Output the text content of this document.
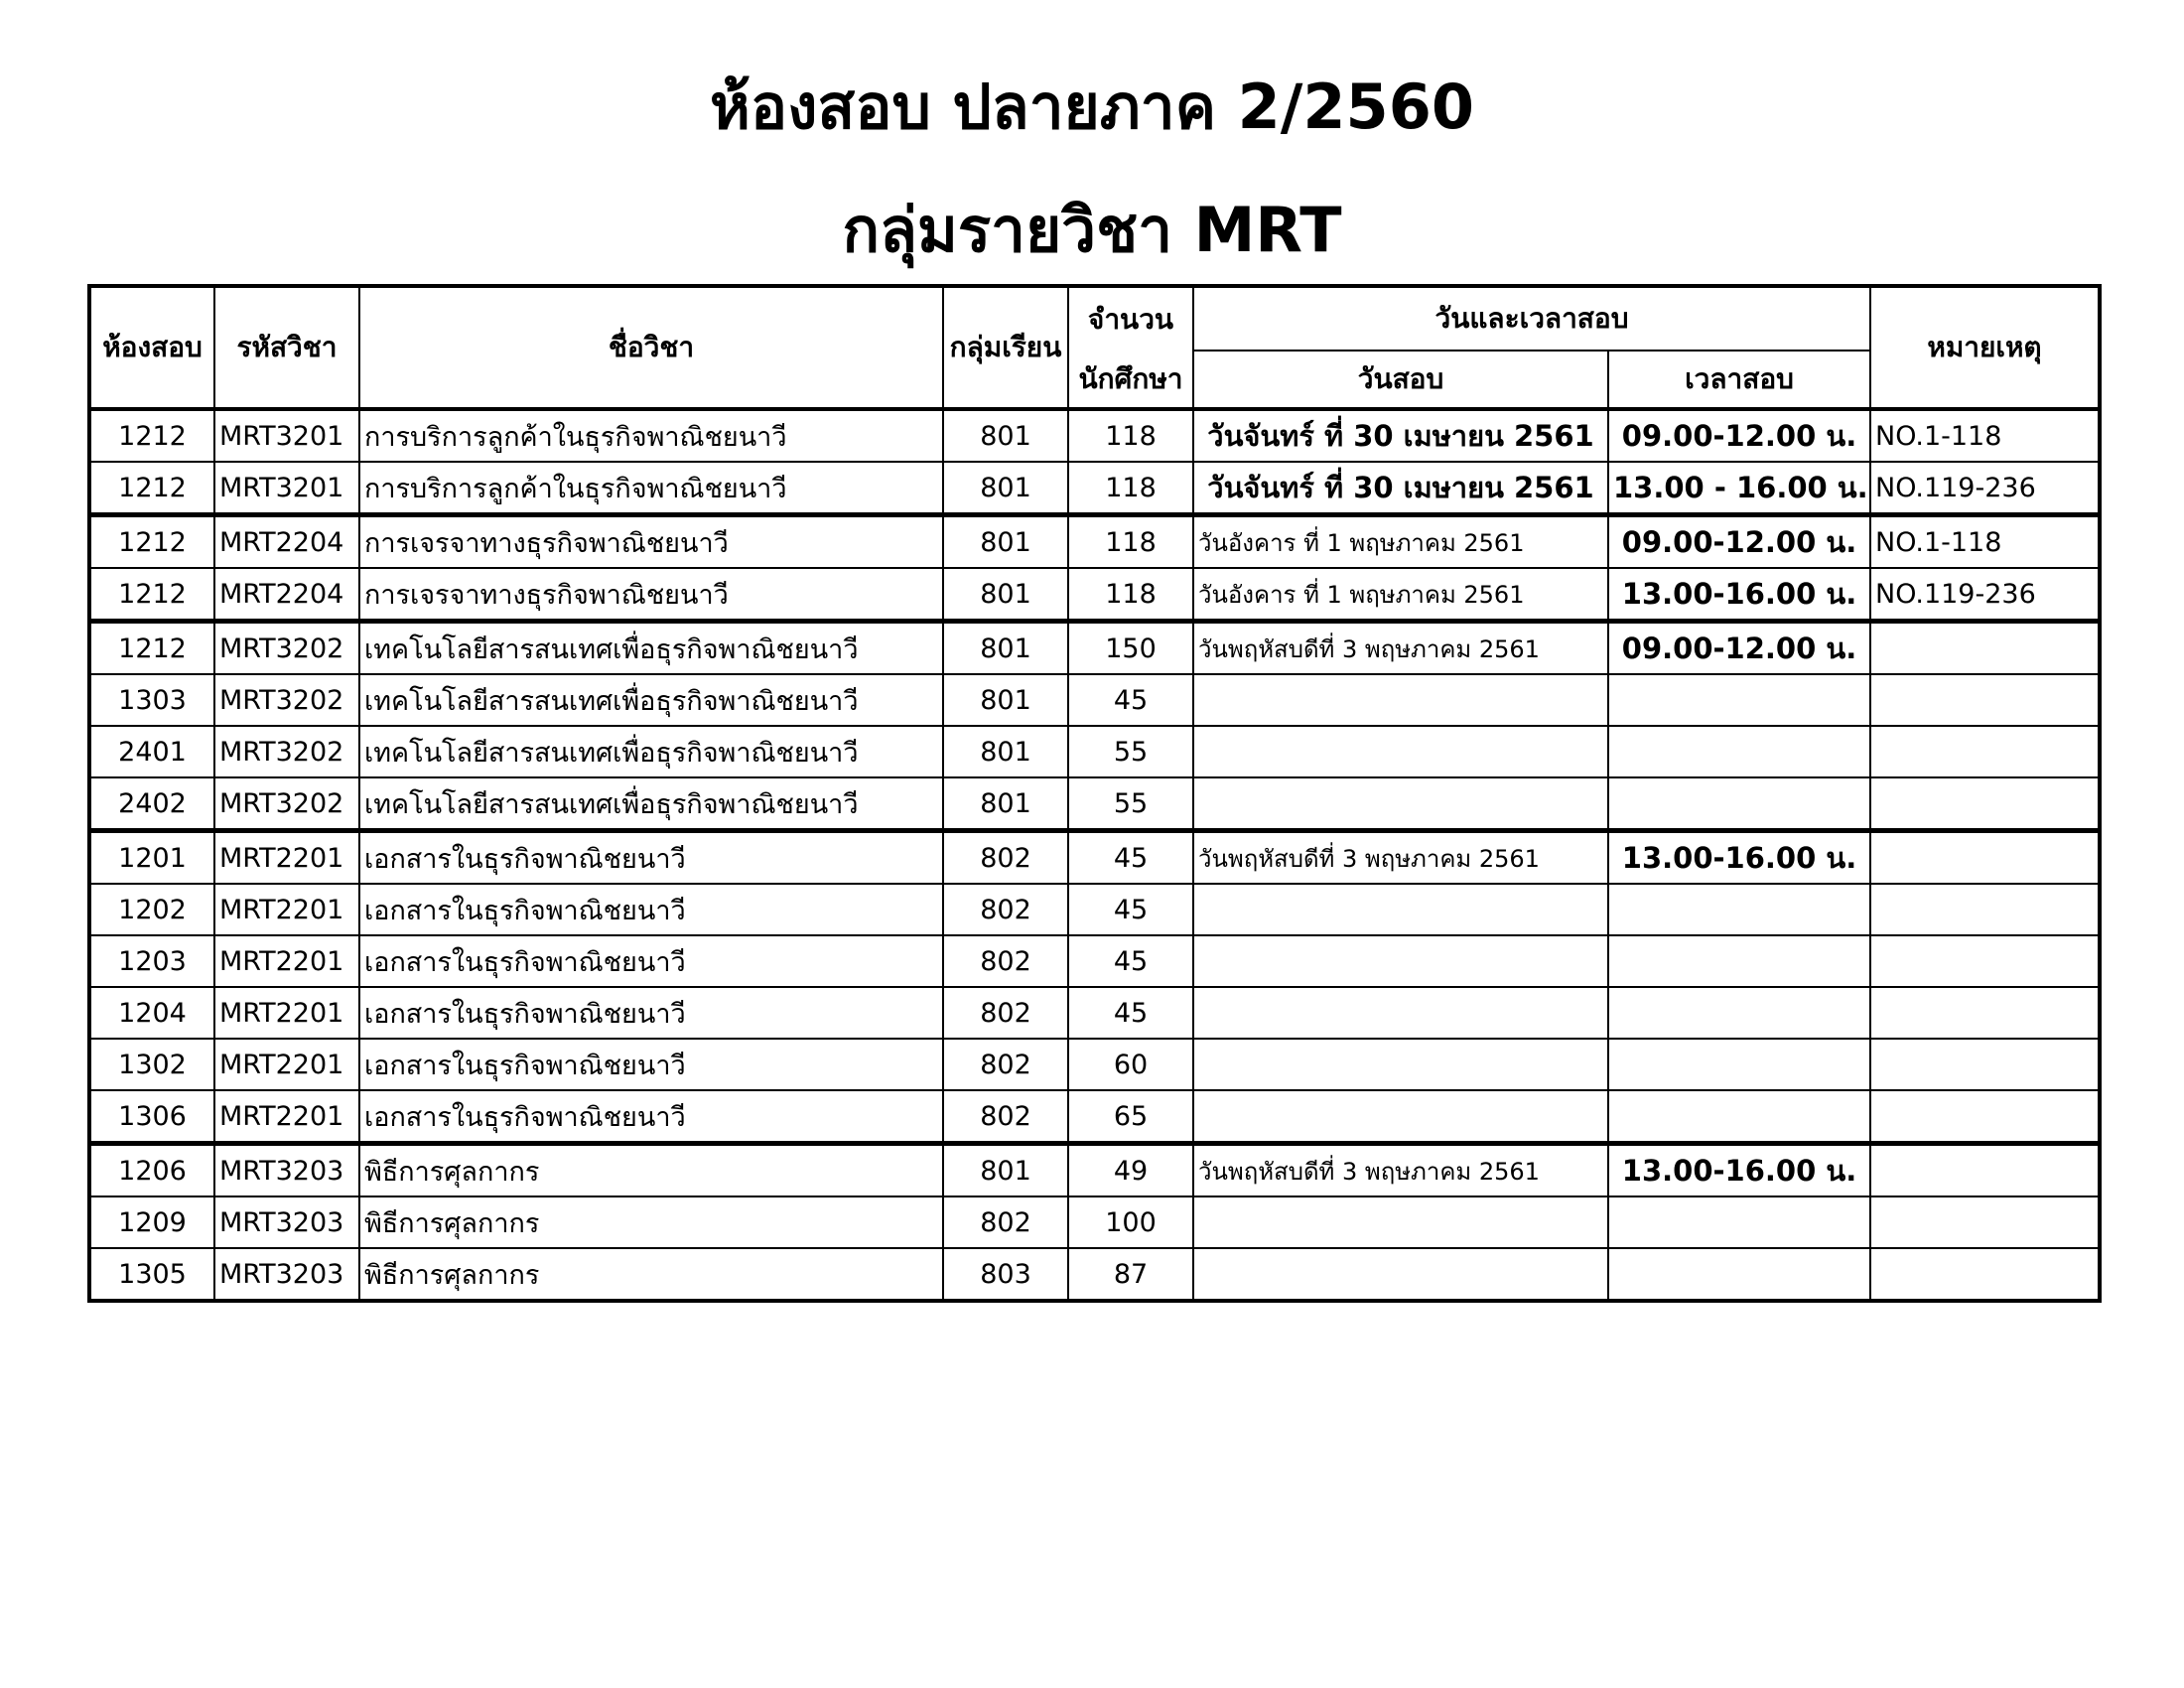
ห้องสอบ ปลายภาค 2/2560
กลุ่มรายวิชา MRT
ห้องสอบ	รหัสวิชา	ชื่อวิชา	กลุ่มเรียน	จำนวน	วันและเวลาสอบ		หมายเหตุ
				นักศึกษา	วันสอบ	เวลาสอบ	
1212	MRT3201	การบริการลูกค้าในธุรกิจพาณิชยนาวี	801	118	วันจันทร์ ที่ 30 เมษายน 2561	09.00-12.00 น.	NO.1-118
1212	MRT3201	การบริการลูกค้าในธุรกิจพาณิชยนาวี	801	118	วันจันทร์ ที่ 30 เมษายน 2561	13.00 - 16.00 น.	NO.119-236
1212	MRT2204	การเจรจาทางธุรกิจพาณิชยนาวี	801	118	วันอังคาร ที่ 1 พฤษภาคม 2561	09.00-12.00 น.	NO.1-118
1212	MRT2204	การเจรจาทางธุรกิจพาณิชยนาวี	801	118	วันอังคาร ที่ 1 พฤษภาคม 2561	13.00-16.00 น.	NO.119-236
1212	MRT3202	เทคโนโลยีสารสนเทศเพื่อธุรกิจพาณิชยนาวี	801	150	วันพฤหัสบดีที่ 3 พฤษภาคม 2561	09.00-12.00 น.	
1303	MRT3202	เทคโนโลยีสารสนเทศเพื่อธุรกิจพาณิชยนาวี	801	45			
2401	MRT3202	เทคโนโลยีสารสนเทศเพื่อธุรกิจพาณิชยนาวี	801	55			
2402	MRT3202	เทคโนโลยีสารสนเทศเพื่อธุรกิจพาณิชยนาวี	801	55			
1201	MRT2201	เอกสารในธุรกิจพาณิชยนาวี	802	45	วันพฤหัสบดีที่ 3 พฤษภาคม 2561	13.00-16.00 น.	
1202	MRT2201	เอกสารในธุรกิจพาณิชยนาวี	802	45			
1203	MRT2201	เอกสารในธุรกิจพาณิชยนาวี	802	45			
1204	MRT2201	เอกสารในธุรกิจพาณิชยนาวี	802	45			
1302	MRT2201	เอกสารในธุรกิจพาณิชยนาวี	802	60			
1306	MRT2201	เอกสารในธุรกิจพาณิชยนาวี	802	65			
1206	MRT3203	พิธีการศุลกากร	801	49	วันพฤหัสบดีที่ 3 พฤษภาคม 2561	13.00-16.00 น.	
1209	MRT3203	พิธีการศุลกากร	802	100			
1305	MRT3203	พิธีการศุลกากร	803	87			
